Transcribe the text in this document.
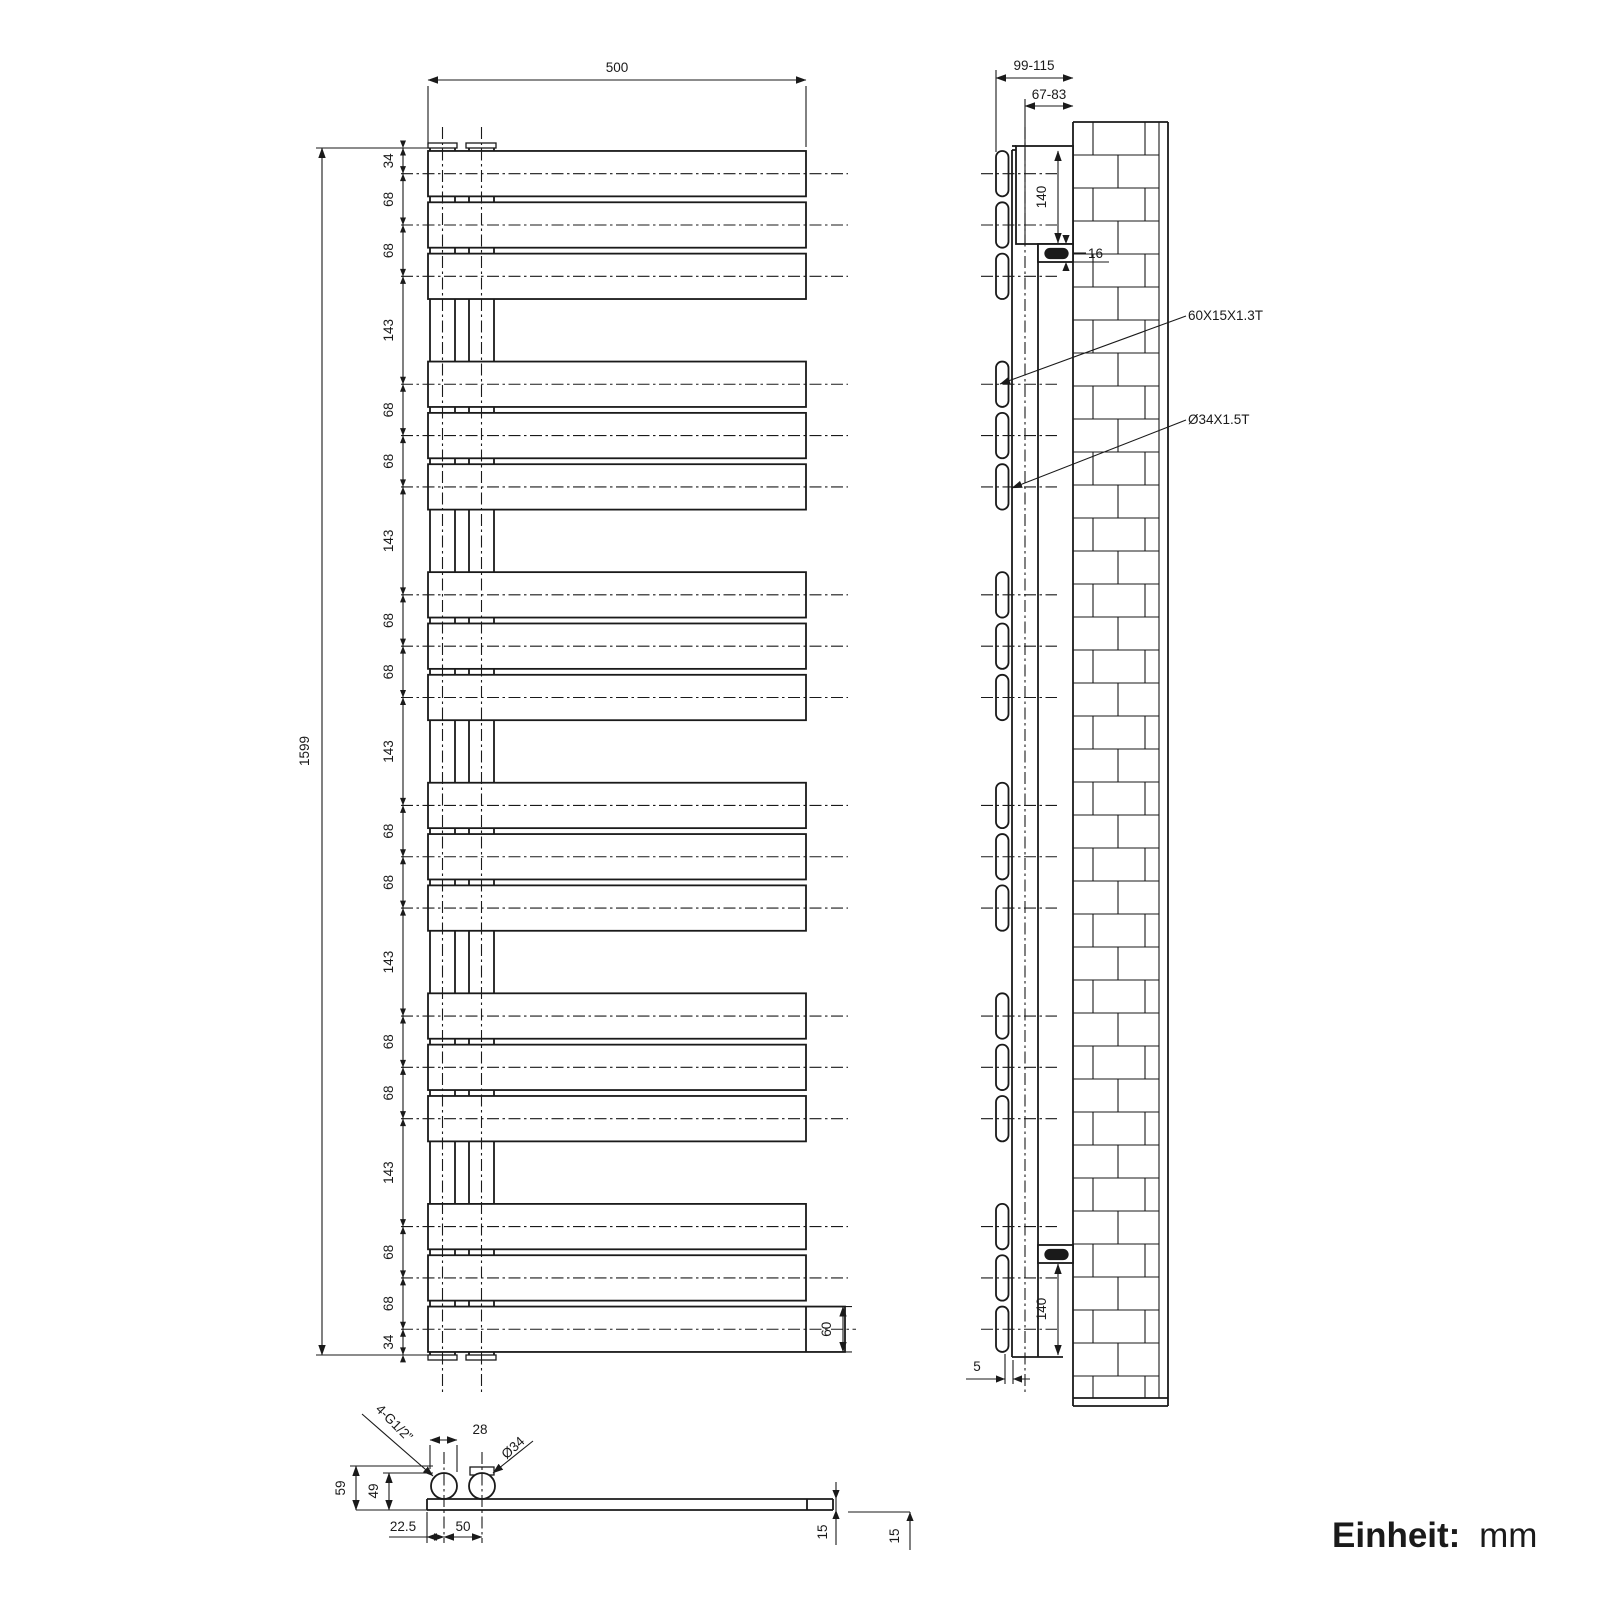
Einheit: mm
500
1599
34
68
68
143
68
68
143
68
68
143
68
68
143
68
68
143
68
68
34
60
99-115
67-83
140
16
140
5
60X15X1.3T
Ø34X1.5T
59 49
22.5	50
28
4-G1/2”
Ø34
15	15
